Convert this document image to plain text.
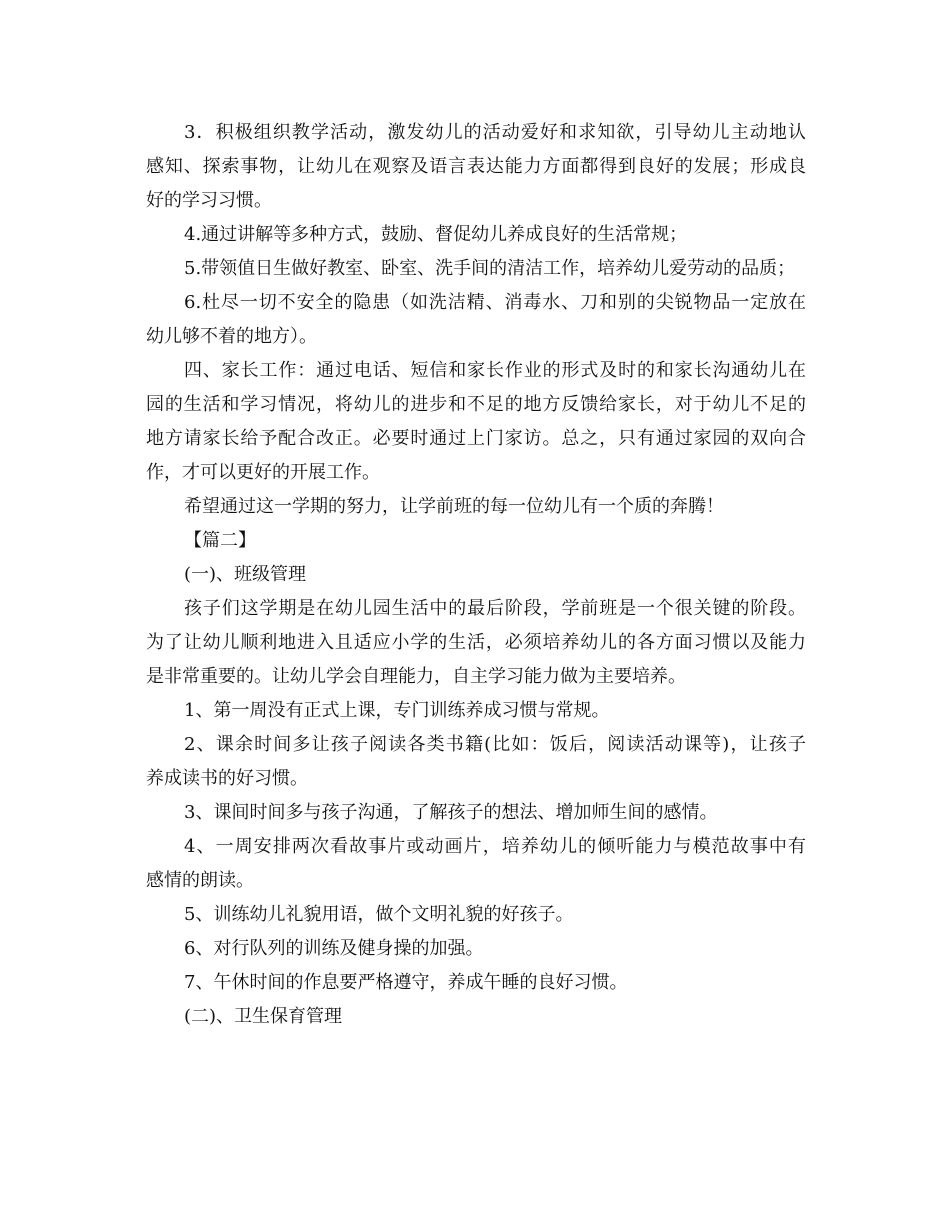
3．积极组织教学活动，激发幼儿的活动爱好和求知欲，引导幼儿主动地认
感知、探索事物，让幼儿在观察及语言表达能力方面都得到良好的发展；形成良
好的学习习惯。
4.通过讲解等多种方式，鼓励、督促幼儿养成良好的生活常规；
5.带领值日生做好教室、卧室、洗手间的清洁工作，培养幼儿爱劳动的品质；
6.杜尽一切不安全的隐患（如洗洁精、消毒水、刀和别的尖锐物品一定放在
幼儿够不着的地方）。
四、家长工作：通过电话、短信和家长作业的形式及时的和家长沟通幼儿在
园的生活和学习情况，将幼儿的进步和不足的地方反馈给家长，对于幼儿不足的
地方请家长给予配合改正。必要时通过上门家访。总之，只有通过家园的双向合
作，才可以更好的开展工作。
希望通过这一学期的努力，让学前班的每一位幼儿有一个质的奔腾！
【篇二】
(一)、班级管理
孩子们这学期是在幼儿园生活中的最后阶段，学前班是一个很关键的阶段。
为了让幼儿顺利地进入且适应小学的生活，必须培养幼儿的各方面习惯以及能力
是非常重要的。让幼儿学会自理能力，自主学习能力做为主要培养。
1、第一周没有正式上课，专门训练养成习惯与常规。
2、课余时间多让孩子阅读各类书籍(比如：饭后，阅读活动课等)，让孩子
养成读书的好习惯。
3、课间时间多与孩子沟通，了解孩子的想法、增加师生间的感情。
4、一周安排两次看故事片或动画片，培养幼儿的倾听能力与模范故事中有
感情的朗读。
5、训练幼儿礼貌用语，做个文明礼貌的好孩子。
6、对行队列的训练及健身操的加强。
7、午休时间的作息要严格遵守，养成午睡的良好习惯。
(二)、卫生保育管理
